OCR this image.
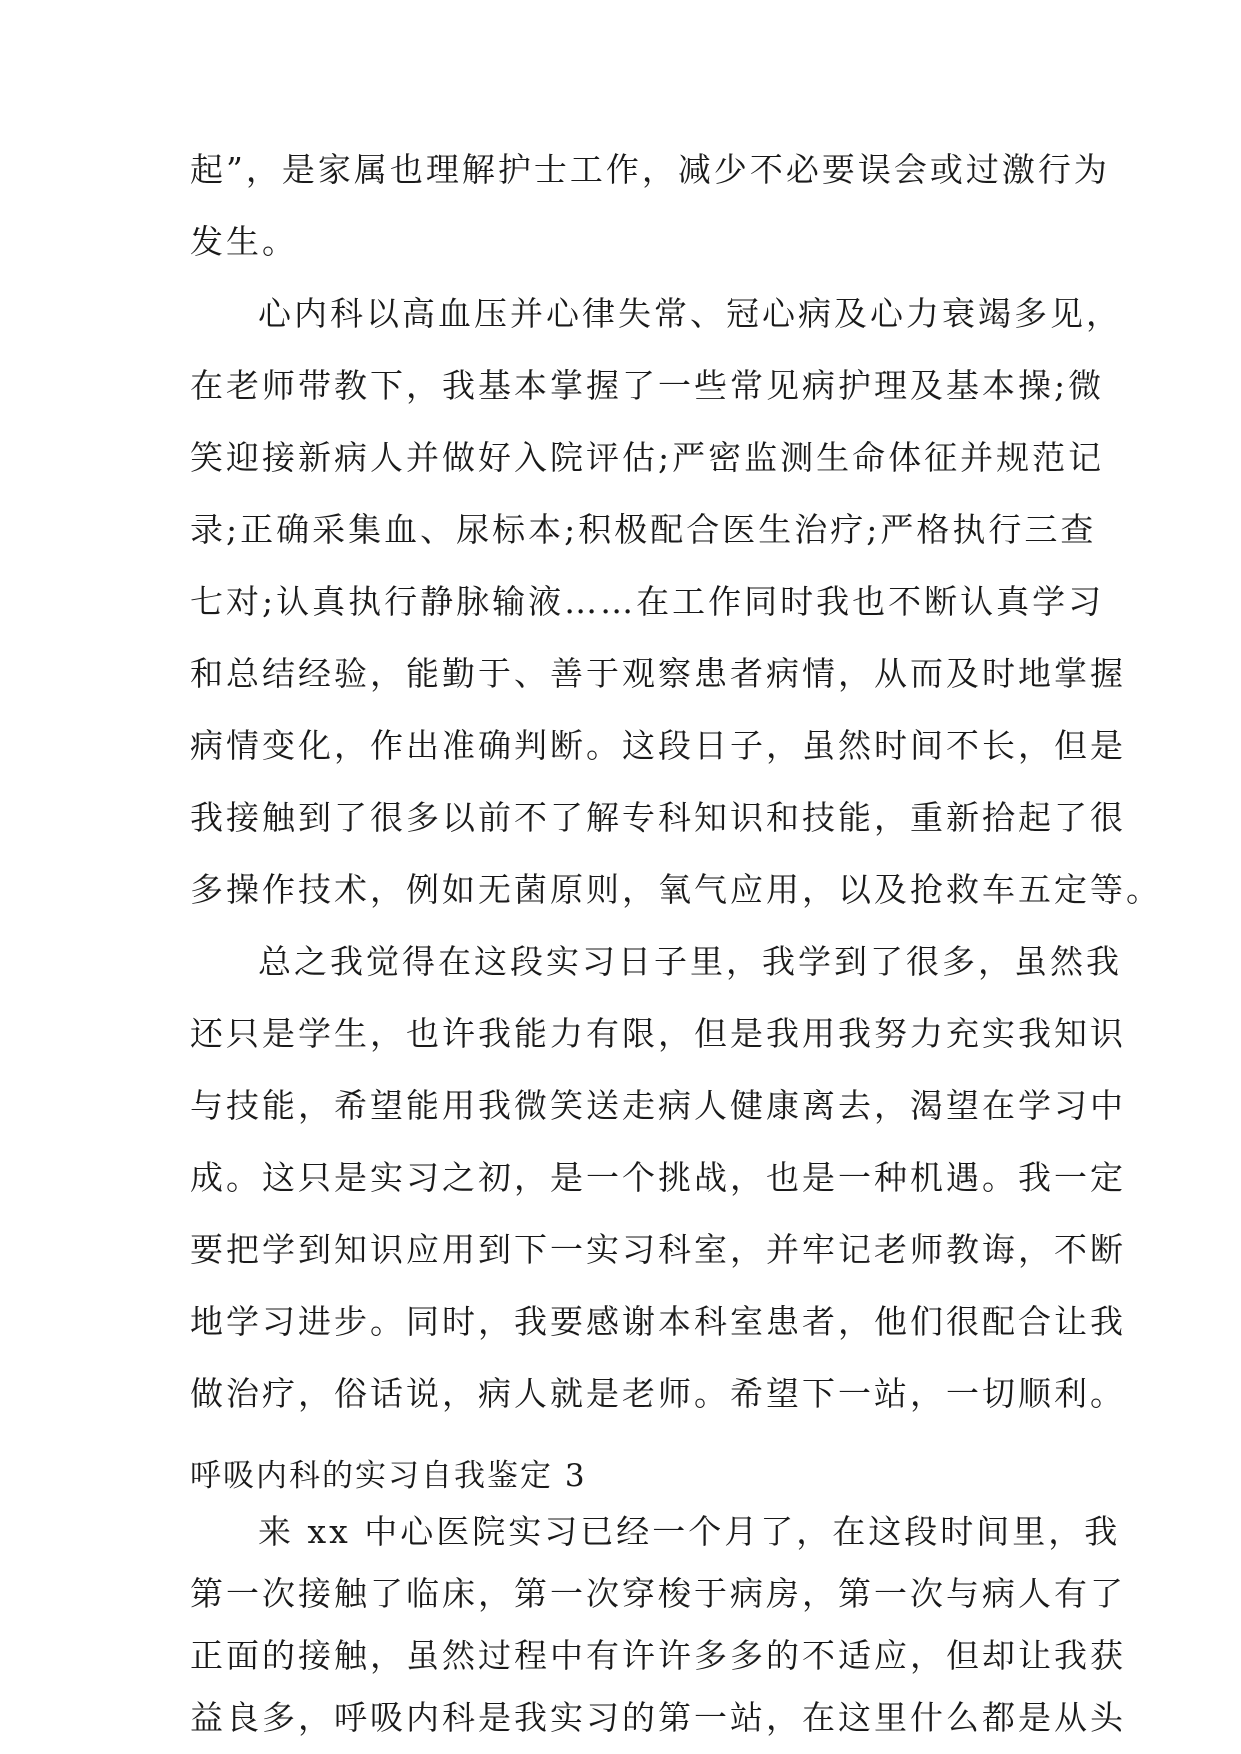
起”，是家属也理解护士工作，减少不必要误会或过激行为
发生。
心内科以高血压并心律失常、冠心病及心力衰竭多见，
在老师带教下，我基本掌握了一些常见病护理及基本操;微
笑迎接新病人并做好入院评估;严密监测生命体征并规范记
录;正确采集血、尿标本;积极配合医生治疗;严格执行三查
七对;认真执行静脉输液……在工作同时我也不断认真学习
和总结经验，能勤于、善于观察患者病情，从而及时地掌握
病情变化，作出准确判断。这段日子，虽然时间不长，但是
我接触到了很多以前不了解专科知识和技能，重新拾起了很
多操作技术，例如无菌原则，氧气应用，以及抢救车五定等。
总之我觉得在这段实习日子里，我学到了很多，虽然我
还只是学生，也许我能力有限，但是我用我努力充实我知识
与技能，希望能用我微笑送走病人健康离去，渴望在学习中
成。这只是实习之初，是一个挑战，也是一种机遇。我一定
要把学到知识应用到下一实习科室，并牢记老师教诲，不断
地学习进步。同时，我要感谢本科室患者，他们很配合让我
做治疗，俗话说，病人就是老师。希望下一站，一切顺利。
呼吸内科的实习自我鉴定 3
来 xx 中心医院实习已经一个月了，在这段时间里，我
第一次接触了临床，第一次穿梭于病房，第一次与病人有了
正面的接触，虽然过程中有许许多多的不适应，但却让我获
益良多，呼吸内科是我实习的第一站，在这里什么都是从头
